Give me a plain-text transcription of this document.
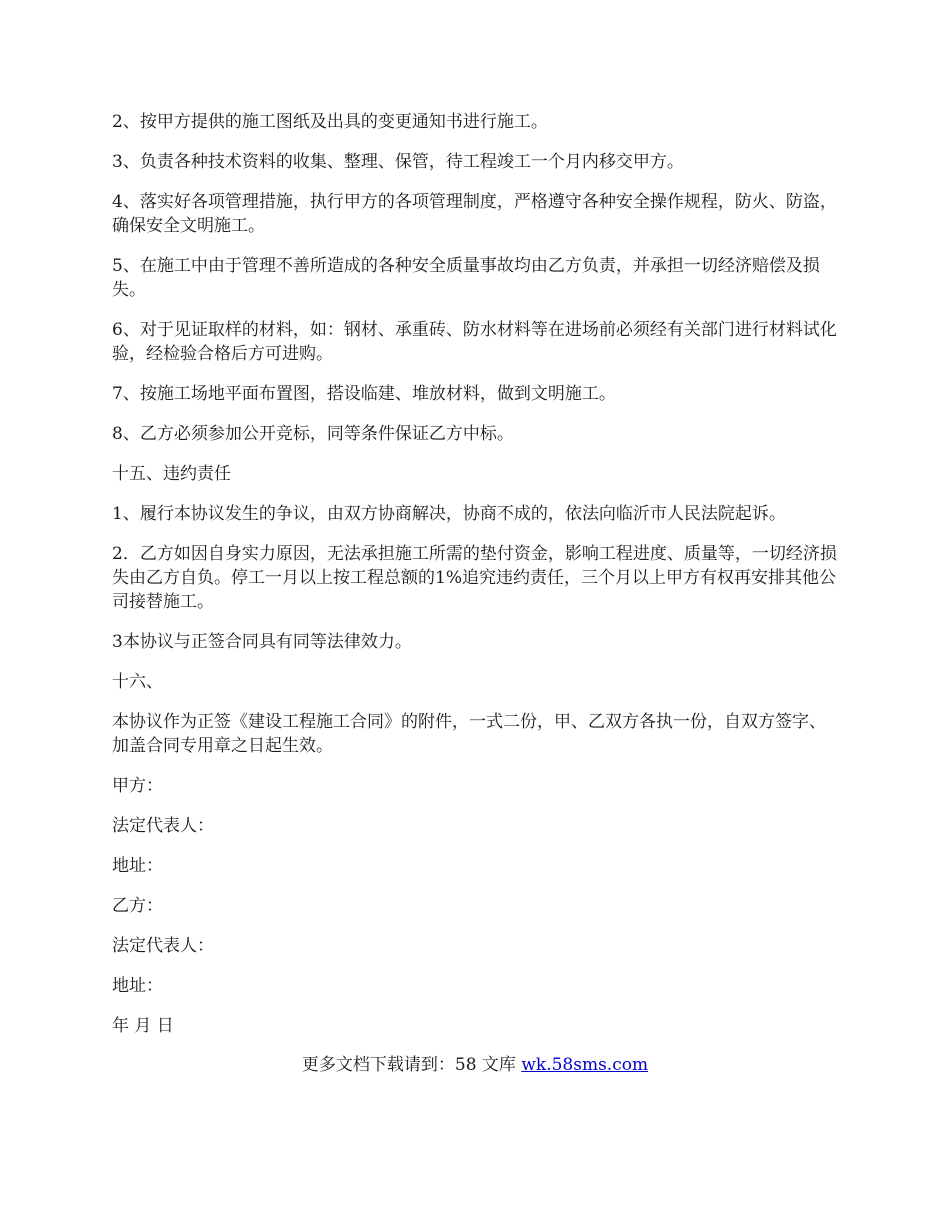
2、按甲方提供的施工图纸及出具的变更通知书进行施工。

3、负责各种技术资料的收集、整理、保管，待工程竣工一个月内移交甲方。

4、落实好各项管理措施，执行甲方的各项管理制度，严格遵守各种安全操作规程，防火、防盗，确保安全文明施工。

5、在施工中由于管理不善所造成的各种安全质量事故均由乙方负责，并承担一切经济赔偿及损失。

6、对于见证取样的材料，如：钢材、承重砖、防水材料等在进场前必须经有关部门进行材料试化验，经检验合格后方可进购。

7、按施工场地平面布置图，搭设临建、堆放材料，做到文明施工。

8、乙方必须参加公开竞标，同等条件保证乙方中标。

十五、违约责任

1、履行本协议发生的争议，由双方协商解决，协商不成的，依法向临沂市人民法院起诉。

2．乙方如因自身实力原因，无法承担施工所需的垫付资金，影响工程进度、质量等，一切经济损失由乙方自负。停工一月以上按工程总额的1%追究违约责任，三个月以上甲方有权再安排其他公司接替施工。

3本协议与正签合同具有同等法律效力。

十六、

本协议作为正签《建设工程施工合同》的附件，一式二份，甲、乙双方各执一份，自双方签字、加盖合同专用章之日起生效。

甲方：

法定代表人：

地址：

乙方：

法定代表人：

地址：

年 月 日

更多文档下载请到：58 文库 wk.58sms.com
